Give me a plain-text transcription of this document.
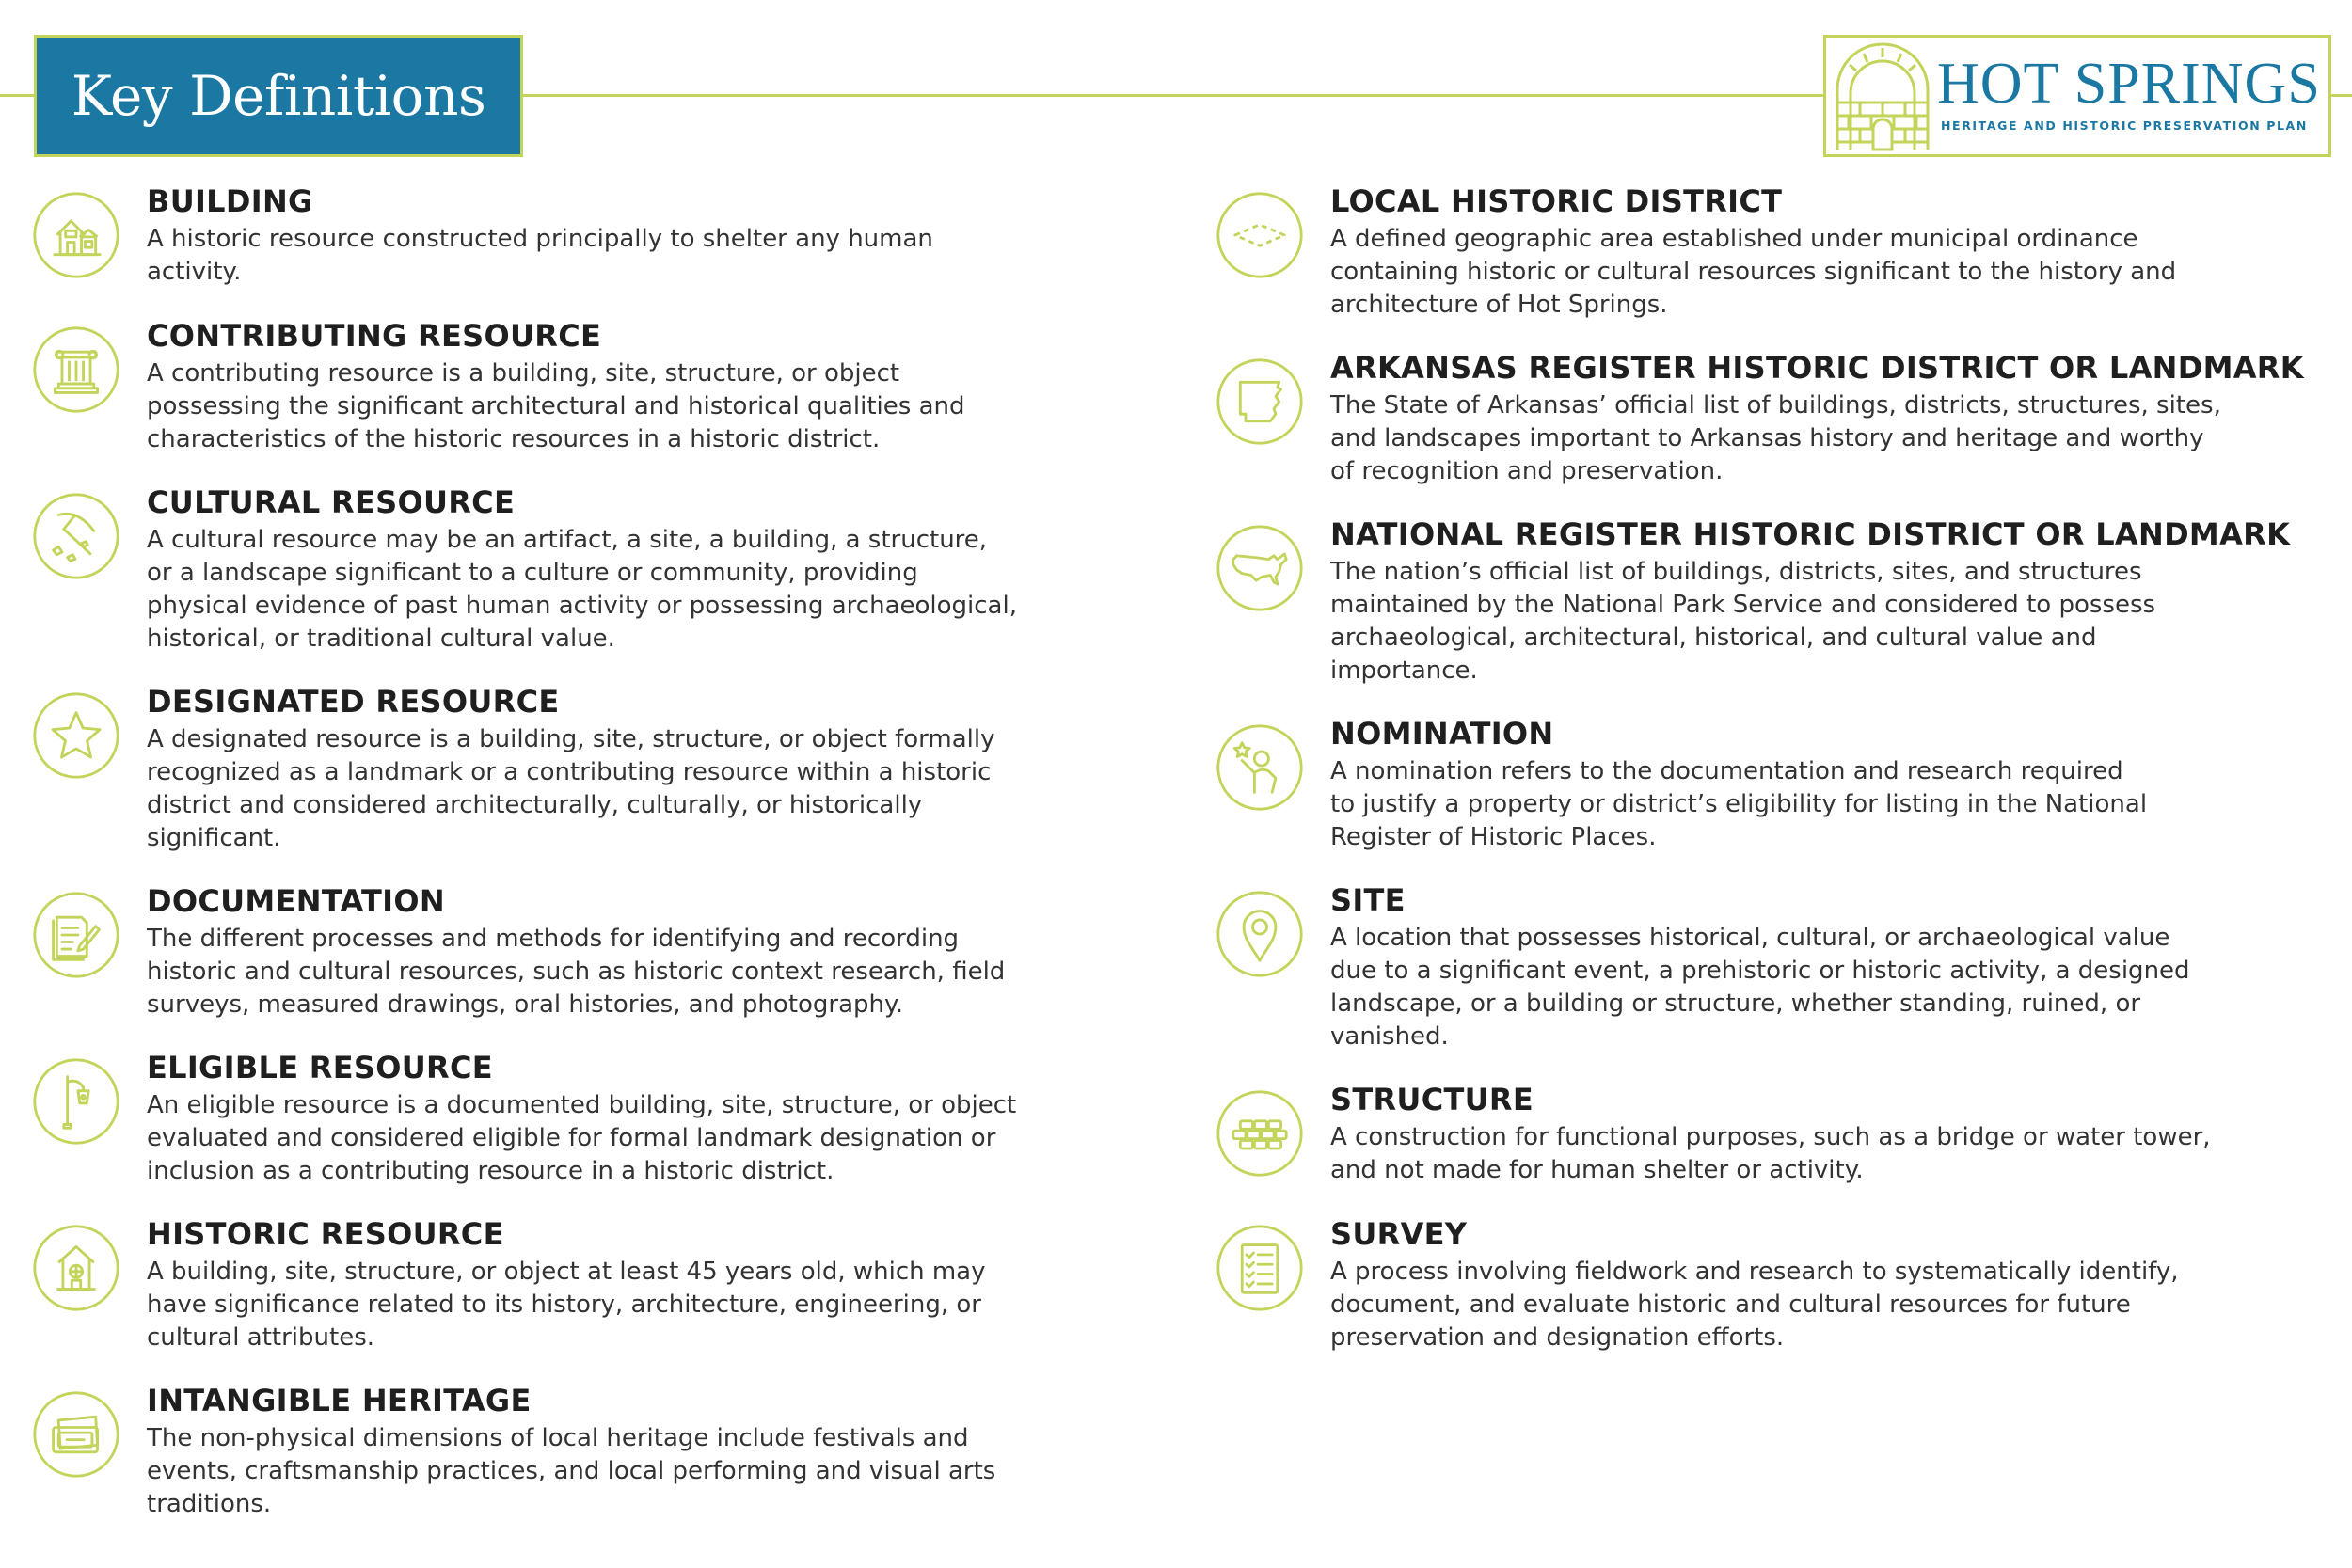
Key Definitions	HOT SPRINGS
HERITAGE AND HISTORIC PRESERVATION PLAN
BUILDING

A historic resource constructed principally to shelter any human
activity.

CONTRIBUTING RESOURCE

A contributing resource is a building, site, structure, or object
possessing the significant architectural and historical qualities and
characteristics of the historic resources in a historic district.

CULTURAL RESOURCE

A cultural resource may be an artifact, a site, a building, a structure,
or a landscape significant to a culture or community, providing
physical evidence of past human activity or possessing archaeological,
historical, or traditional cultural value.

DESIGNATED RESOURCE

A designated resource is a building, site, structure, or object formally
recognized as a landmark or a contributing resource within a historic
district and considered architecturally, culturally, or historically
significant.

DOCUMENTATION

The different processes and methods for identifying and recording
historic and cultural resources, such as historic context research, field
surveys, measured drawings, oral histories, and photography.

ELIGIBLE RESOURCE

An eligible resource is a documented building, site, structure, or object
evaluated and considered eligible for formal landmark designation or
inclusion as a contributing resource in a historic district.

HISTORIC RESOURCE

A building, site, structure, or object at least 45 years old, which may
have significance related to its history, architecture, engineering, or
cultural attributes.

INTANGIBLE HERITAGE

The non-physical dimensions of local heritage include festivals and
events, craftsmanship practices, and local performing and visual arts
traditions.

LOCAL HISTORIC DISTRICT

A defined geographic area established under municipal ordinance
containing historic or cultural resources significant to the history and
architecture of Hot Springs.

ARKANSAS REGISTER HISTORIC DISTRICT OR LANDMARK

The State of Arkansas’ official list of buildings, districts, structures, sites,
and landscapes important to Arkansas history and heritage and worthy
of recognition and preservation.

NATIONAL REGISTER HISTORIC DISTRICT OR LANDMARK

The nation’s official list of buildings, districts, sites, and structures
maintained by the National Park Service and considered to possess
archaeological, architectural, historical, and cultural value and
importance.

NOMINATION

A nomination refers to the documentation and research required
to justify a property or district’s eligibility for listing in the National
Register of Historic Places.

SITE

A location that possesses historical, cultural, or archaeological value
due to a significant event, a prehistoric or historic activity, a designed
landscape, or a building or structure, whether standing, ruined, or
vanished.

STRUCTURE

A construction for functional purposes, such as a bridge or water tower,
and not made for human shelter or activity.

SURVEY

A process involving fieldwork and research to systematically identify,
document, and evaluate historic and cultural resources for future
preservation and designation efforts.
